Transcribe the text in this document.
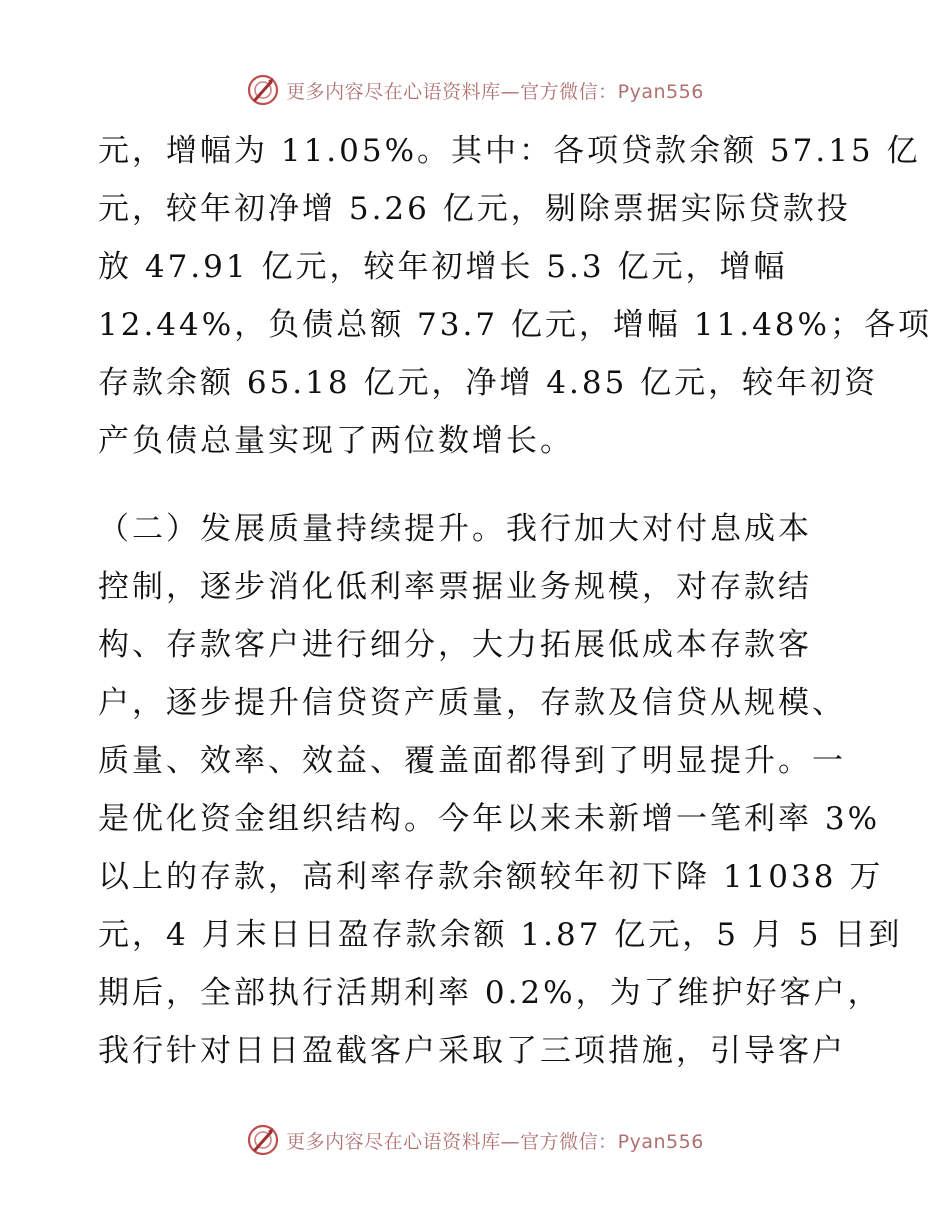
更多内容尽在心语资料库—官方微信：Pyan556
元，增幅为 11.05%。其中：各项贷款余额 57.15 亿
元，较年初净增 5.26 亿元，剔除票据实际贷款投
放 47.91 亿元，较年初增长 5.3 亿元，增幅
12.44%，负债总额 73.7 亿元，增幅 11.48%；各项
存款余额 65.18 亿元，净增 4.85 亿元，较年初资
产负债总量实现了两位数增长。
（二）发展质量持续提升。我行加大对付息成本
控制，逐步消化低利率票据业务规模，对存款结
构、存款客户进行细分，大力拓展低成本存款客
户，逐步提升信贷资产质量，存款及信贷从规模、
质量、效率、效益、覆盖面都得到了明显提升。一
是优化资金组织结构。今年以来未新增一笔利率 3%
以上的存款，高利率存款余额较年初下降 11038 万
元，4 月末日日盈存款余额 1.87 亿元，5 月 5 日到
期后，全部执行活期利率 0.2%，为了维护好客户，
我行针对日日盈截客户采取了三项措施，引导客户
更多内容尽在心语资料库—官方微信：Pyan556
